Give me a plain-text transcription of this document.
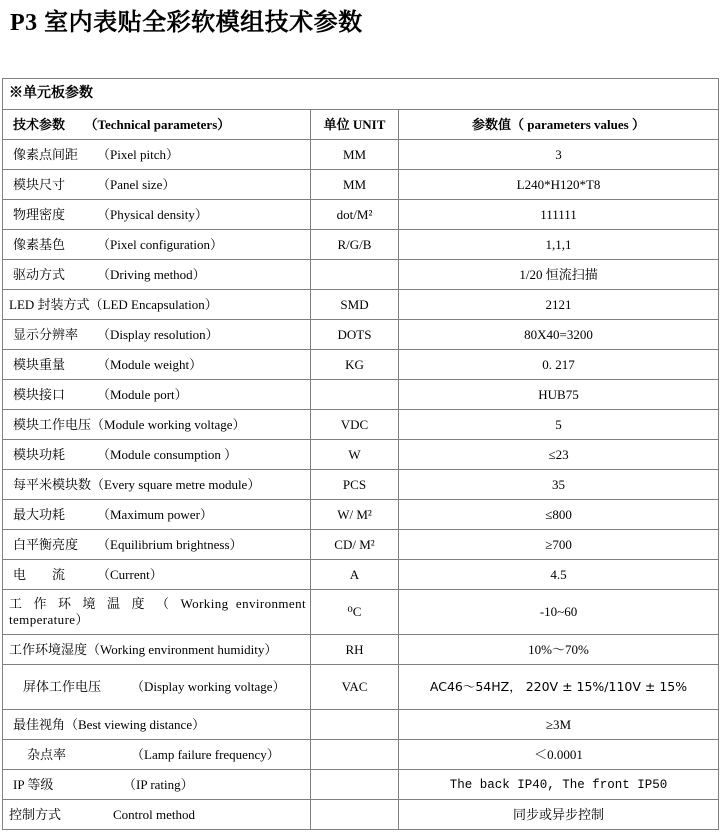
P3 室内表贴全彩软模组技术参数
※单元板参数		
技术参数　　（Technical parameters）	单位 UNIT	参数值（ parameters values ）
像素点间距 （Pixel pitch）	MM	3
模块尺寸 （Panel size）	MM	L240*H120*T8
物理密度 （Physical density）	dot/M²	111111
像素基色 （Pixel configuration）	R/G/B	1,1,1
驱动方式 （Driving method）		1/20 恒流扫描
LED 封装方式（LED Encapsulation）	SMD	2121
显示分辨率 （Display resolution）	DOTS	80X40=3200
模块重量 （Module weight）	KG	0. 217
模块接口 （Module port）		HUB75
模块工作电压（Module working voltage）	VDC	5
模块功耗 （Module consumption ）	W	≤23
每平米模块数（Every square metre module）	PCS	35
最大功耗 （Maximum power）	W/ M²	≤800
白平衡亮度 （Equilibrium brightness）	CD/ M²	≥700
电　　流 （Current）	A	4.5
工 作 环 境 温 度 （ Working environment temperature）	⁰C	-10~60
工作环境湿度（Working environment humidity）	RH	10%～70%
屏体工作电压 （Display working voltage）	VAC	AC46～54HZ， 220V ± 15%/110V ± 15%
最佳视角（Best viewing distance）		≥3M
杂点率 （Lamp failure frequency）		＜0.0001
IP 等级 （IP rating）		The back IP40, The front IP50
控制方式 Control method		同步或异步控制
